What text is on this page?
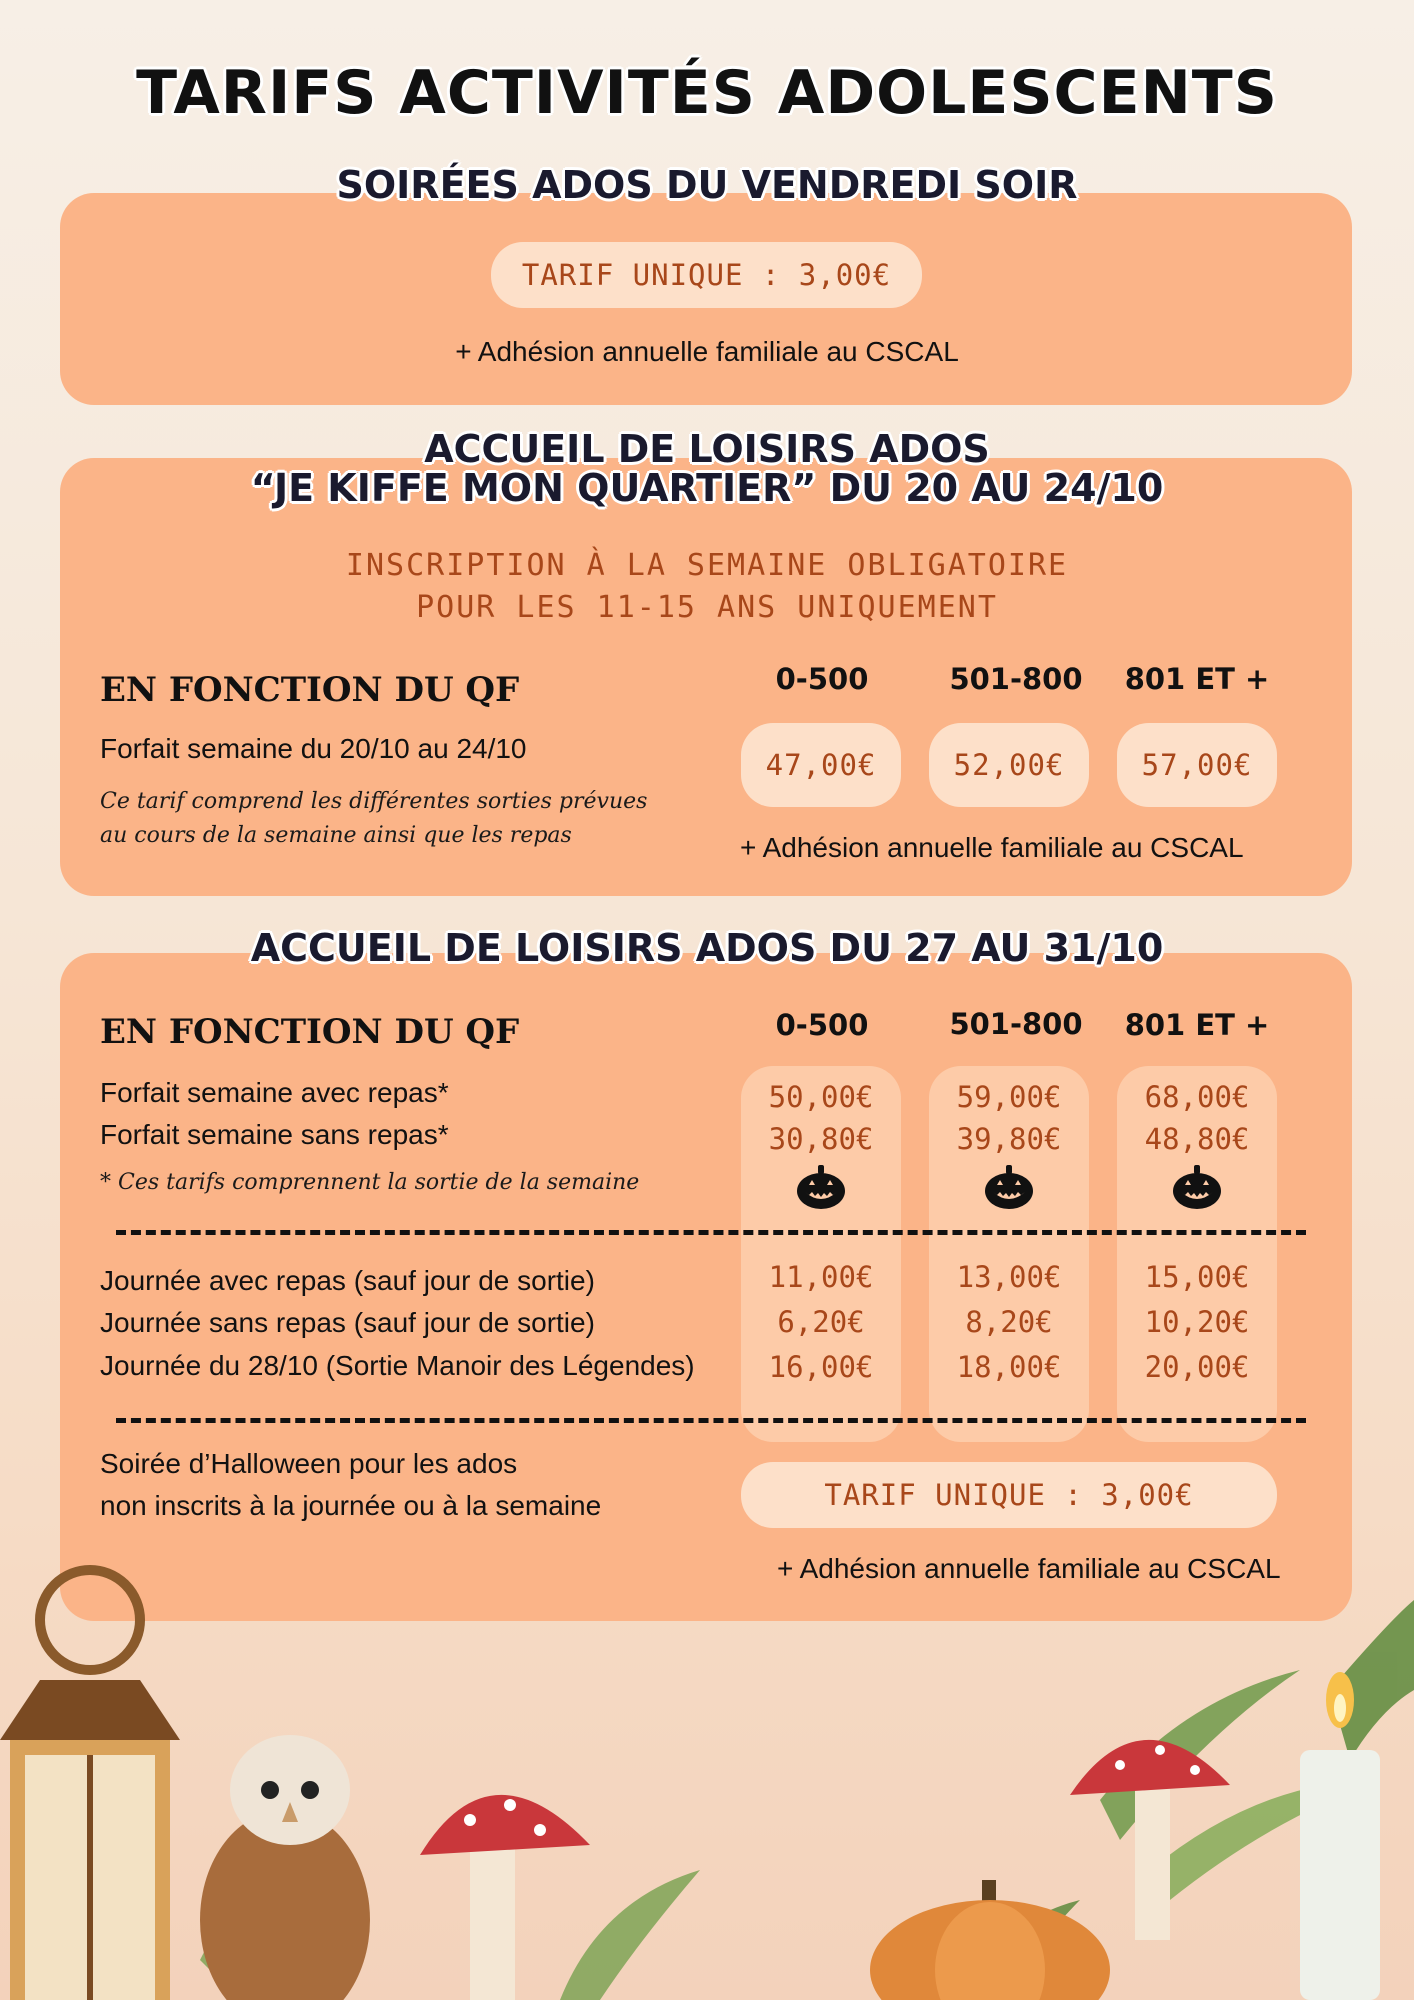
TARIFS ACTIVITÉS ADOLESCENTS
SOIRÉES ADOS DU VENDREDI SOIR
TARIF UNIQUE : 3,00€
+ Adhésion annuelle familiale au CSCAL
ACCUEIL DE LOISIRS ADOS
“JE KIFFE MON QUARTIER” DU 20 AU 24/10
INSCRIPTION À LA SEMAINE OBLIGATOIRE
POUR LES 11-15 ANS UNIQUEMENT
EN FONCTION DU QF	0-500	501-800	801 ET +
Forfait semaine du 20/10 au 24/10	47,00€	52,00€	57,00€
Ce tarif comprend les différentes sorties prévues
au cours de la semaine ainsi que les repas	+ Adhésion annuelle familiale au CSCAL
ACCUEIL DE LOISIRS ADOS DU 27 AU 31/10
EN FONCTION DU QF	0-500	501-800	801 ET +
Forfait semaine avec repas*	50,00€	59,00€	68,00€
Forfait semaine sans repas*	30,80€	39,80€	48,80€
* Ces tarifs comprennent la sortie de la semaine
Journée avec repas (sauf jour de sortie)	11,00€	13,00€	15,00€
Journée sans repas (sauf jour de sortie)	6,20€	8,20€	10,20€
Journée du 28/10 (Sortie Manoir des Légendes)	16,00€	18,00€	20,00€
Soirée d’Halloween pour les ados
non inscrits à la journée ou à la semaine	TARIF UNIQUE : 3,00€
+ Adhésion annuelle familiale au CSCAL
